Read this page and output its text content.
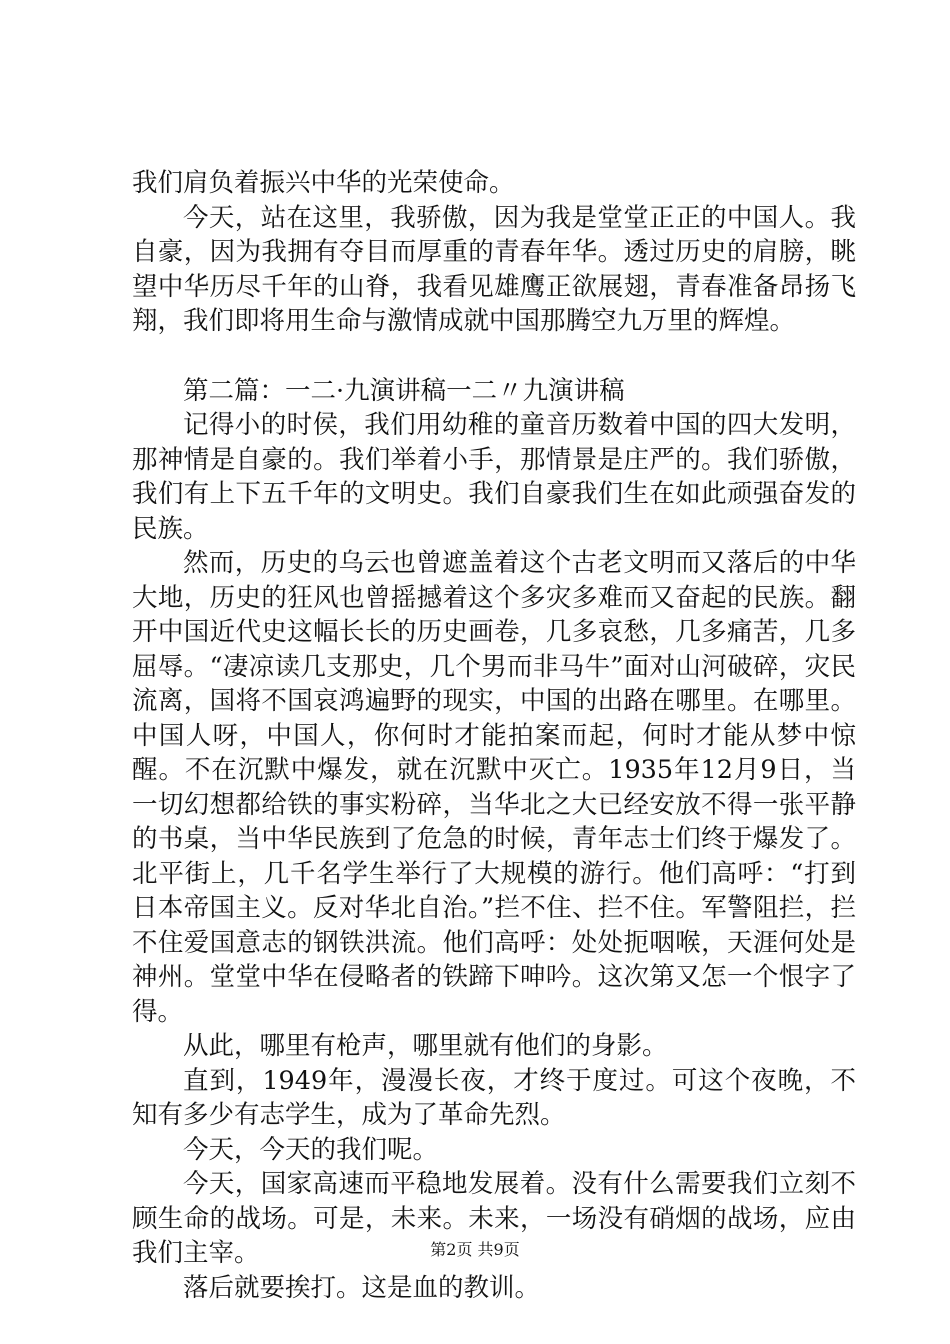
我们肩负着振兴中华的光荣使命。

今天，站在这里，我骄傲，因为我是堂堂正正的中国人。我自豪，因为我拥有夺目而厚重的青春年华。透过历史的肩膀，眺望中华历尽千年的山脊，我看见雄鹰正欲展翅，青春准备昂扬飞翔，我们即将用生命与激情成就中国那腾空九万里的辉煌。

第二篇：一二·九演讲稿一二〃九演讲稿

记得小的时侯，我们用幼稚的童音历数着中国的四大发明，那神情是自豪的。我们举着小手，那情景是庄严的。我们骄傲，我们有上下五千年的文明史。我们自豪我们生在如此顽强奋发的民族。

然而，历史的乌云也曾遮盖着这个古老文明而又落后的中华大地，历史的狂风也曾摇撼着这个多灾多难而又奋起的民族。翻开中国近代史这幅长长的历史画卷，几多哀愁，几多痛苦，几多屈辱。“凄凉读几支那史，几个男而非马牛”面对山河破碎，灾民流离，国将不国哀鸿遍野的现实，中国的出路在哪里。在哪里。中国人呀，中国人，你何时才能拍案而起，何时才能从梦中惊醒。不在沉默中爆发，就在沉默中灭亡。1935年12月9日，当一切幻想都给铁的事实粉碎，当华北之大已经安放不得一张平静的书桌，当中华民族到了危急的时候，青年志士们终于爆发了。北平街上，几千名学生举行了大规模的游行。他们高呼：“打到日本帝国主义。反对华北自治。”拦不住、拦不住。军警阻拦，拦不住爱国意志的钢铁洪流。他们高呼：处处扼咽喉，天涯何处是神州。堂堂中华在侵略者的铁蹄下呻吟。这次第又怎一个恨字了得。

从此，哪里有枪声，哪里就有他们的身影。

直到，1949年，漫漫长夜，才终于度过。可这个夜晚，不知有多少有志学生，成为了革命先烈。

今天，今天的我们呢。

今天，国家高速而平稳地发展着。没有什么需要我们立刻不顾生命的战场。可是，未来。未来，一场没有硝烟的战场，应由我们主宰。

落后就要挨打。这是血的教训。

第2页 共9页
